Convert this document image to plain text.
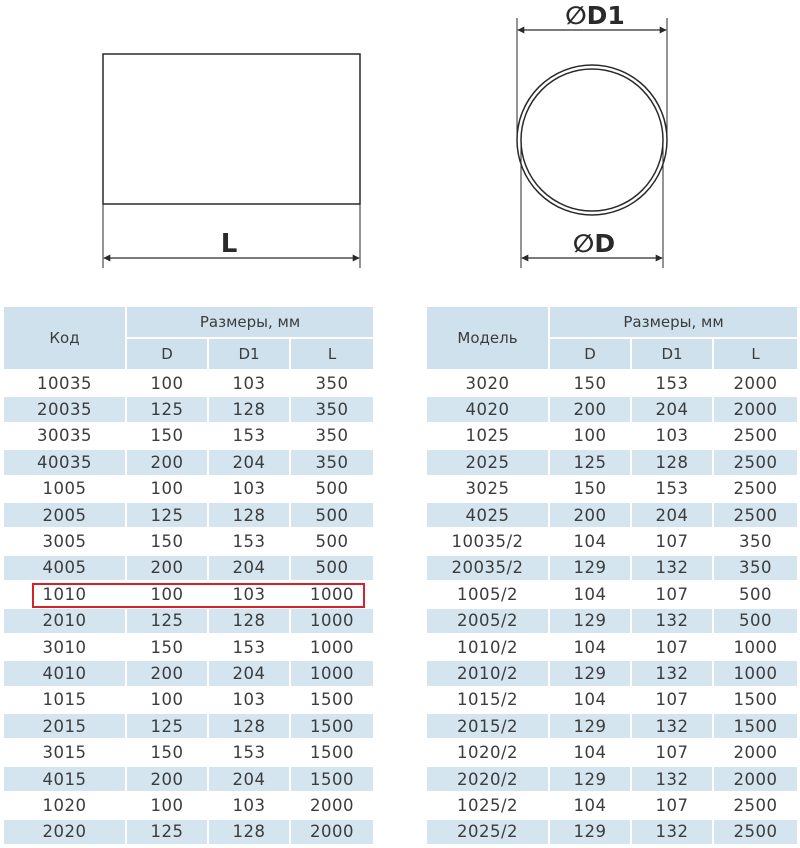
L
∅D1
∅D
Код	Размеры, мм		
	D	D1	L
10035	100	103	350
20035	125	128	350
30035	150	153	350
40035	200	204	350
1005	100	103	500
2005	125	128	500
3005	150	153	500
4005	200	204	500
1010	100	103	1000
2010	125	128	1000
3010	150	153	1000
4010	200	204	1000
1015	100	103	1500
2015	125	128	1500
3015	150	153	1500
4015	200	204	1500
1020	100	103	2000
2020	125	128	2000
Модель	Размеры, мм		
	D	D1	L
3020	150	153	2000
4020	200	204	2000
1025	100	103	2500
2025	125	128	2500
3025	150	153	2500
4025	200	204	2500
10035/2	104	107	350
20035/2	129	132	350
1005/2	104	107	500
2005/2	129	132	500
1010/2	104	107	1000
2010/2	129	132	1000
1015/2	104	107	1500
2015/2	129	132	1500
1020/2	104	107	2000
2020/2	129	132	2000
1025/2	104	107	2500
2025/2	129	132	2500
